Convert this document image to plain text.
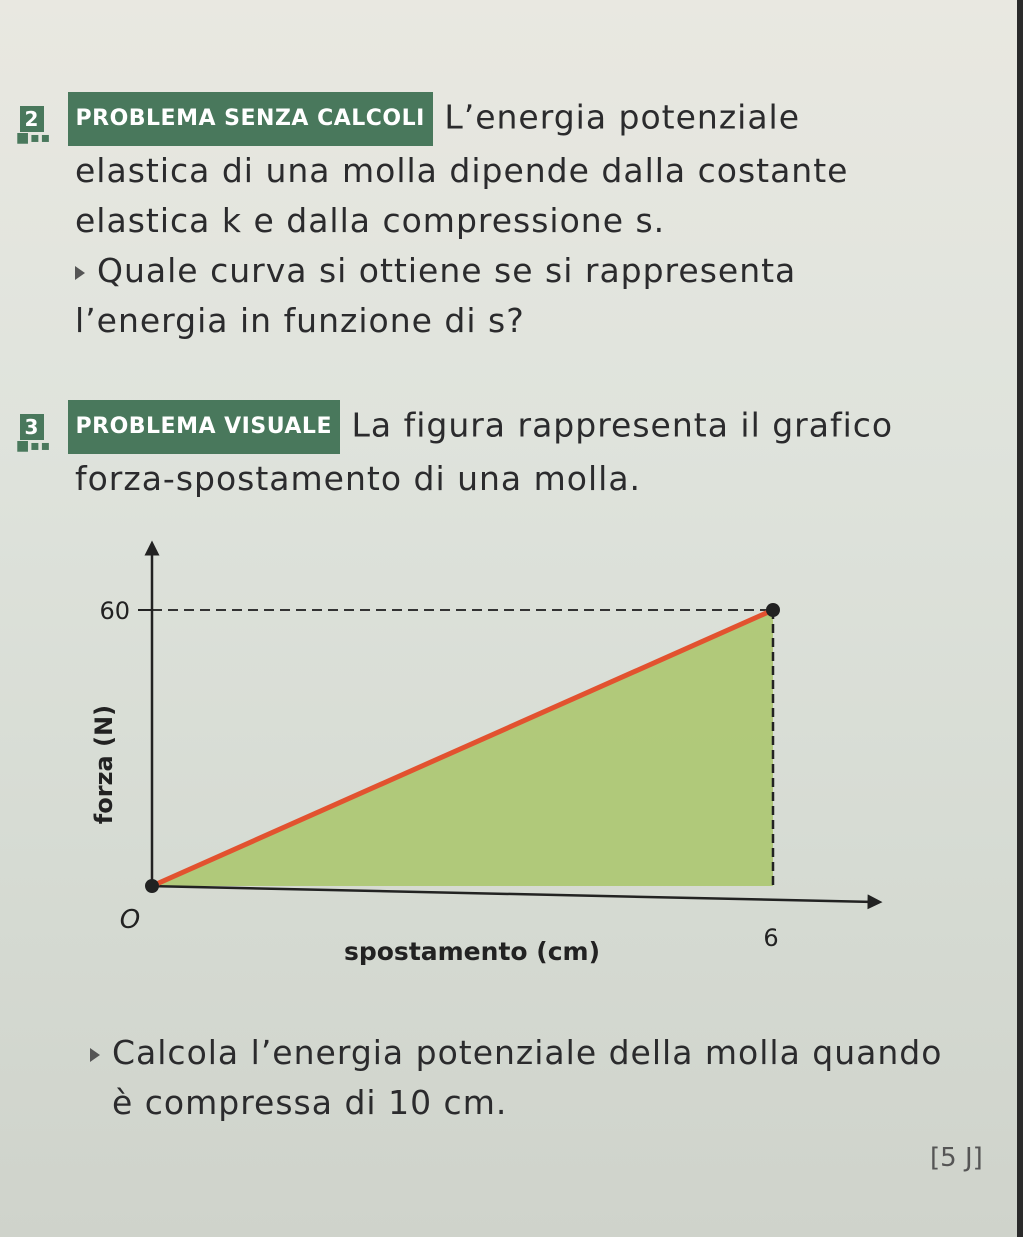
2 PROBLEMA SENZA CALCOLI L’energia potenziale
■▪▪
elastica di una molla dipende dalla costante
elastica k e dalla compressione s.
Quale curva si ottiene se si rappresenta
l’energia in funzione di s?
3 PROBLEMA VISUALE La figura rappresenta il grafico
■▪▪
forza-spostamento di una molla.
60
6
O
spostamento (cm)
forza (N)
Calcola l’energia potenziale della molla quando
è compressa di 10 cm.
[5 J]
